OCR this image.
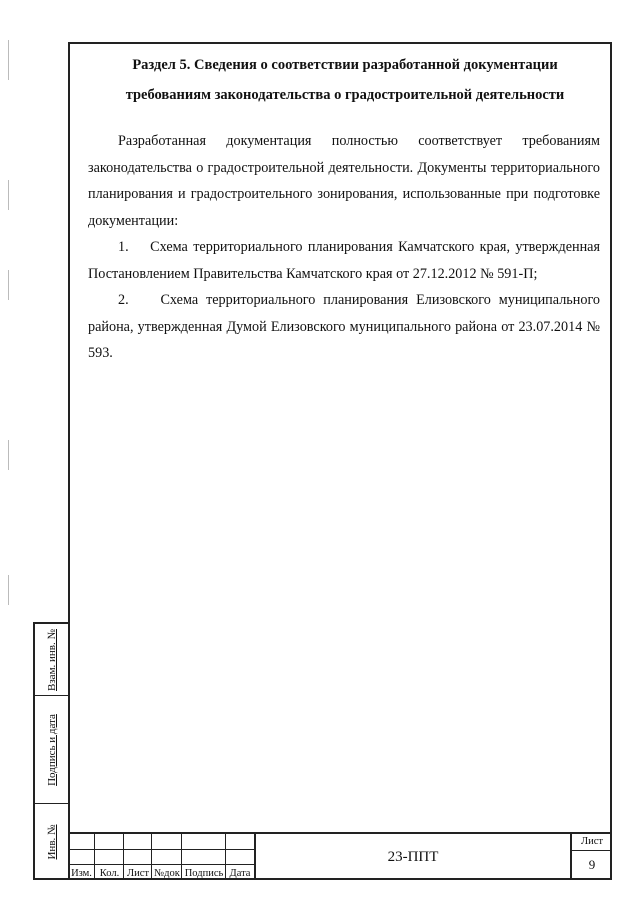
Раздел 5. Сведения о соответствии разработанной документации
требованиям законодательства о градостроительной деятельности

Разработанная документация полностью соответствует требованиям законодательства о градостроительной деятельности. Документы территориального планирования и градостроительного зонирования, использованные при подготовке документации:

1. Схема территориального планирования Камчатского края, утвержденная Постановлением Правительства Камчатского края от 27.12.2012 № 591-П;

2. Схема территориального планирования Елизовского муниципального района, утвержденная Думой Елизовского муниципального района от 23.07.2014 № 593.

Взам. инв. №
Подпись и дата
Инв. №
Изм. Кол. Лист №док Подпись Дата
23-ППТ
Лист
9
